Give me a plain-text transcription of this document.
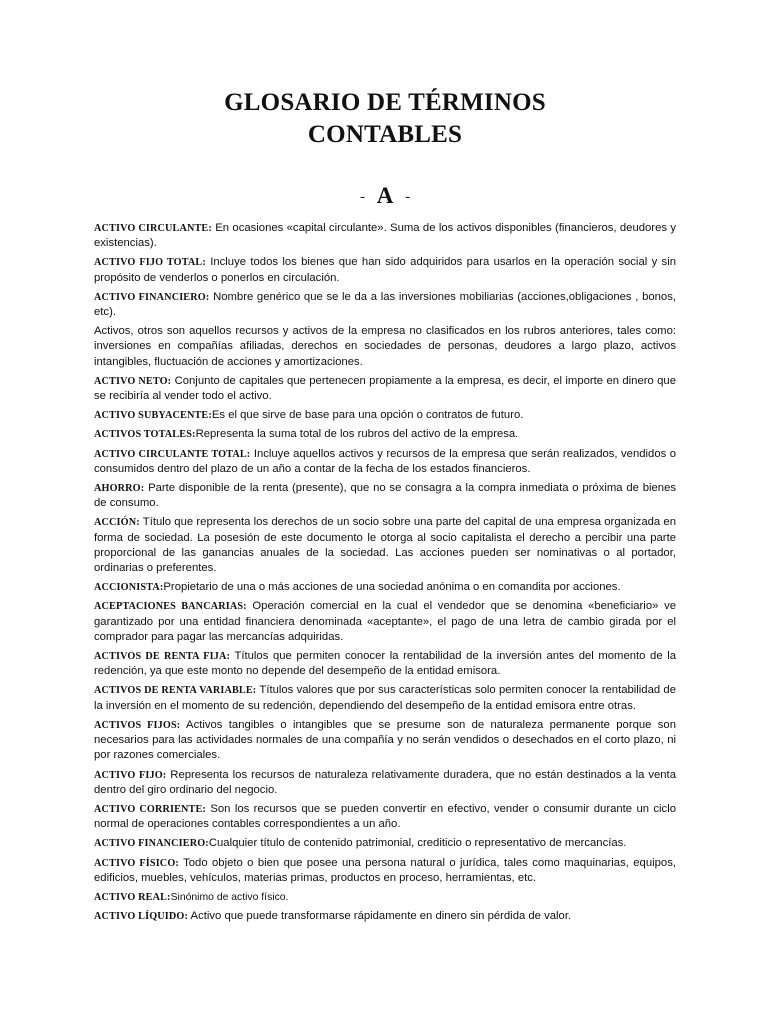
GLOSARIO DE TÉRMINOS
CONTABLES
- A -

ACTIVO CIRCULANTE: En ocasiones «capital circulante». Suma de los activos disponibles (financieros, deudores y existencias).

ACTIVO FIJO TOTAL: Incluye todos los bienes que han sido adquiridos para usarlos en la operación social y sin propósito de venderlos o ponerlos en circulación.

ACTIVO FINANCIERO: Nombre genérico que se le da a las inversiones mobiliarias (acciones,obligaciones , bonos, etc).

Activos, otros son aquellos recursos y activos de la empresa no clasificados en los rubros anteriores, tales como: inversiones en compañías afiliadas, derechos en sociedades de personas, deudores a largo plazo, activos intangibles, fluctuación de acciones y amortizaciones.

ACTIVO NETO: Conjunto de capitales que pertenecen propiamente a la empresa, es decir, el importe en dinero que se recibiría al vender todo el activo.

ACTIVO SUBYACENTE:Es el que sirve de base para una opción o contratos de futuro.

ACTIVOS TOTALES:Representa la suma total de los rubros del activo de la empresa.

ACTIVO CIRCULANTE TOTAL: Incluye aquellos activos y recursos de la empresa que serán realizados, vendidos o consumidos dentro del plazo de un año a contar de la fecha de los estados financieros.

AHORRO: Parte disponible de la renta (presente), que no se consagra a la compra inmediata o próxima de bienes de consumo.

ACCIÓN: Título que representa los derechos de un socio sobre una parte del capital de una empresa organizada en forma de sociedad. La posesión de este documento le otorga al socio capitalista el derecho a percibir una parte proporcional de las ganancias anuales de la sociedad. Las acciones pueden ser nominativas o al portador, ordinarias o preferentes.

ACCIONISTA:Propietario de una o más acciones de una sociedad anónima o en comandita por acciones.

ACEPTACIONES BANCARIAS: Operación comercial en la cual el vendedor que se denomina «beneficiario» ve garantizado por una entidad financiera denominada «aceptante», el pago de una letra de cambio girada por el comprador para pagar las mercancías adquiridas.

ACTIVOS DE RENTA FIJA: Títulos que permiten conocer la rentabilidad de la inversión antes del momento de la redención, ya que este monto no depende del desempeño de la entidad emisora.

ACTIVOS DE RENTA VARIABLE: Títulos valores que por sus características solo permiten conocer la rentabilidad de la inversión en el momento de su redención, dependiendo del desempeño de la entidad emisora entre otras.

ACTIVOS FIJOS: Activos tangibles o intangibles que se presume son de naturaleza permanente porque son necesarios para las actividades normales de una compañía y no serán vendidos o desechados en el corto plazo, ni por razones comerciales.

ACTIVO FIJO: Representa los recursos de naturaleza relativamente duradera, que no están destinados a la venta dentro del giro ordinario del negocio.

ACTIVO CORRIENTE: Son los recursos que se pueden convertir en efectivo, vender o consumir durante un ciclo normal de operaciones contables correspondientes a un año.

ACTIVO FINANCIERO:Cualquier título de contenido patrimonial, crediticio o representativo de mercancías.

ACTIVO FÍSICO: Todo objeto o bien que posee una persona natural o jurídica, tales como maquinarias, equipos, edificios, muebles, vehículos, materias primas, productos en proceso, herramientas, etc.

ACTIVO REAL:Sinónimo de activo físico.

ACTIVO LÍQUIDO: Activo que puede transformarse rápidamente en dinero sin pérdida de valor.
